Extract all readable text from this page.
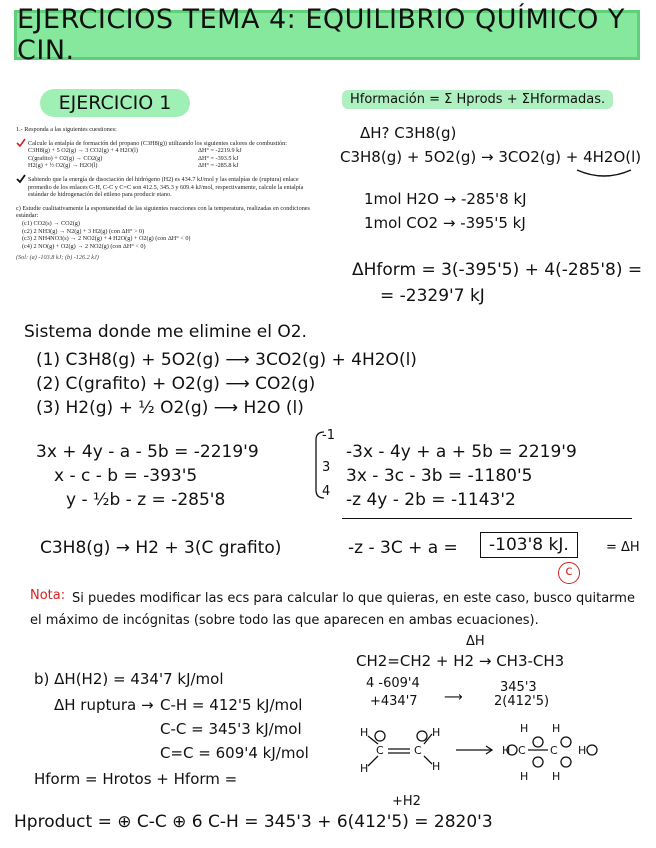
EJERCICIOS TEMA 4: EQUILIBRIO QUÍMICO Y CIN.
EJERCICIO 1	Hformación = Σ Hprods + ΣHformadas.
1.- Responda a las siguientes cuestiones:
Calcule la entalpía de formación del propano (C3H8(g)) utilizando los siguientes calores de combustión:
C3H8(g) + 5 O2(g) → 3 CO2(g) + 4 H2O(l)	ΔH° = -2219.9 kJ
C(grafito) + O2(g) → CO2(g)	ΔH° = -393.5 kJ
H2(g) + ½ O2(g) → H2O(l)	ΔH° = -285.8 kJ
Sabiendo que la energía de disociación del hidrógeno (H2) es 434.7 kJ/mol y las entalpías de (ruptura) enlace promedio de los enlaces C-H, C-C y C=C son 412.5, 345.3 y 609.4 kJ/mol, respectivamente, calcule la entalpía estándar de hidrogenación del etileno para producir etano.
c) Estudie cualitativamente la espontaneidad de las siguientes reacciones con la temperatura, realizadas en condiciones estándar:
(c1) CO2(s) → CO2(g)
(c2) 2 NH3(g) → N2(g) + 3 H2(g) (con ΔH° > 0)
(c3) 2 NH4NO3(s) → 2 NO2(g) + 4 H2O(g) + O2(g) (con ΔH° < 0)
(c4) 2 NO(g) + O2(g) → 2 NO2(g) (con ΔH° < 0)
(Sol: (a) -103.8 kJ; (b) -126.2 kJ)
ΔH? C3H8(g)
C3H8(g) + 5O2(g) → 3CO2(g) + 4H2O(l)
1mol H2O → -285'8 kJ
1mol CO2 → -395'5 kJ
ΔHform = 3(-395'5) + 4(-285'8) =
= -2329'7 kJ
Sistema donde me elimine el O2.
(1) C3H8(g) + 5O2(g) ⟶ 3CO2(g) + 4H2O(l)
(2) C(grafito) + O2(g) ⟶ CO2(g)
(3) H2(g) + ½ O2(g) ⟶ H2O (l)
3x + 4y - a - 5b = -2219'9
x - c - b = -393'5
y - ½b - z = -285'8
-1
3
4
-3x - 4y + a + 5b = 2219'9
3x - 3c - 3b = -1180'5
-z 4y - 2b = -1143'2
C3H8(g) → H2 + 3(C grafito)	-z - 3C + a =	-103'8 kJ.	= ΔH
c
Nota: Si puedes modificar las ecs para calcular lo que quieras, en este caso, busco quitarme el máximo de incógnitas (sobre todo las que aparecen en ambas ecuaciones).
b) ΔH(H2) = 434'7 kJ/mol
ΔH ruptura → C-H = 412'5 kJ/mol
C-C = 345'3 kJ/mol
C=C = 609'4 kJ/mol
Hform = Hrotos + Hform =
ΔH
CH2=CH2 + H2 → CH3-CH3
4 -609'4
+434'7 ⟶
345'3
2(412'5)
C	C
H
H
H
H
H C C H
H H
H H
+H2
Hproduct = ⊕ C-C ⊕ 6 C-H = 345'3 + 6(412'5) = 2820'3
